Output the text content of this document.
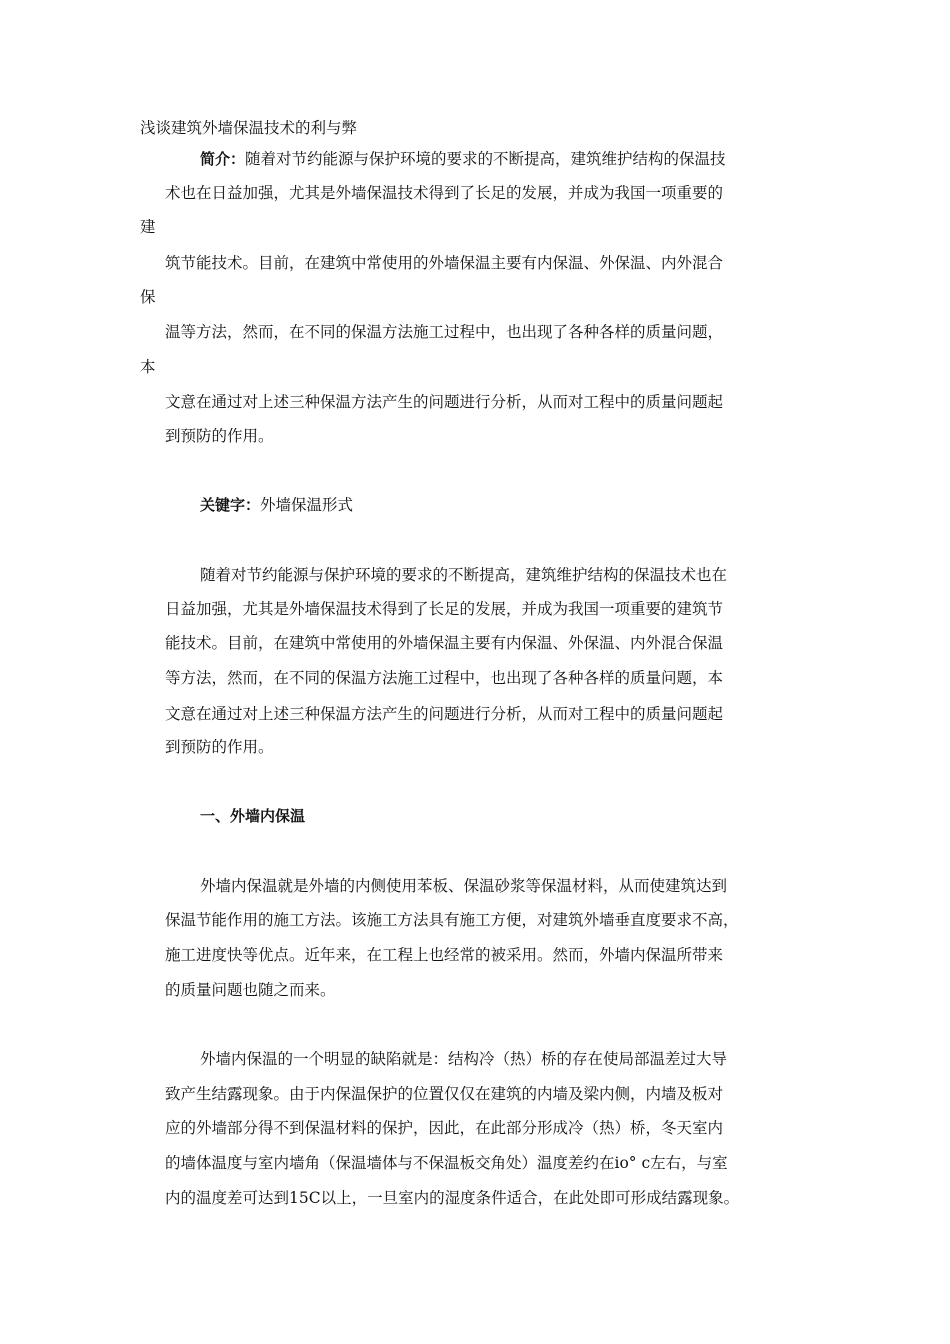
浅谈建筑外墙保温技术的利与弊
简介：随着对节约能源与保护环境的要求的不断提高，建筑维护结构的保温技
术也在日益加强，尤其是外墙保温技术得到了长足的发展，并成为我国一项重要的
建
筑节能技术。目前，在建筑中常使用的外墙保温主要有内保温、外保温、内外混合
保
温等方法，然而，在不同的保温方法施工过程中，也出现了各种各样的质量问题，
本
文意在通过对上述三种保温方法产生的问题进行分析，从而对工程中的质量问题起
到预防的作用。
关键字：外墙保温形式
随着对节约能源与保护环境的要求的不断提高，建筑维护结构的保温技术也在
日益加强，尤其是外墙保温技术得到了长足的发展，并成为我国一项重要的建筑节
能技术。目前，在建筑中常使用的外墙保温主要有内保温、外保温、内外混合保温
等方法，然而，在不同的保温方法施工过程中，也出现了各种各样的质量问题，本
文意在通过对上述三种保温方法产生的问题进行分析，从而对工程中的质量问题起
到预防的作用。
一、外墙内保温
外墙内保温就是外墙的内侧使用苯板、保温砂浆等保温材料，从而使建筑达到
保温节能作用的施工方法。该施工方法具有施工方便，对建筑外墙垂直度要求不高，
施工进度快等优点。近年来，在工程上也经常的被采用。然而，外墙内保温所带来
的质量问题也随之而来。
外墙内保温的一个明显的缺陷就是：结构冷（热）桥的存在使局部温差过大导
致产生结露现象。由于内保温保护的位置仅仅在建筑的内墙及梁内侧，内墙及板对
应的外墙部分得不到保温材料的保护，因此，在此部分形成冷（热）桥，冬天室内
的墙体温度与室内墙角（保温墙体与不保温板交角处）温度差约在io° c左右，与室
内的温度差可达到15C以上，一旦室内的湿度条件适合，在此处即可形成结露现象。
